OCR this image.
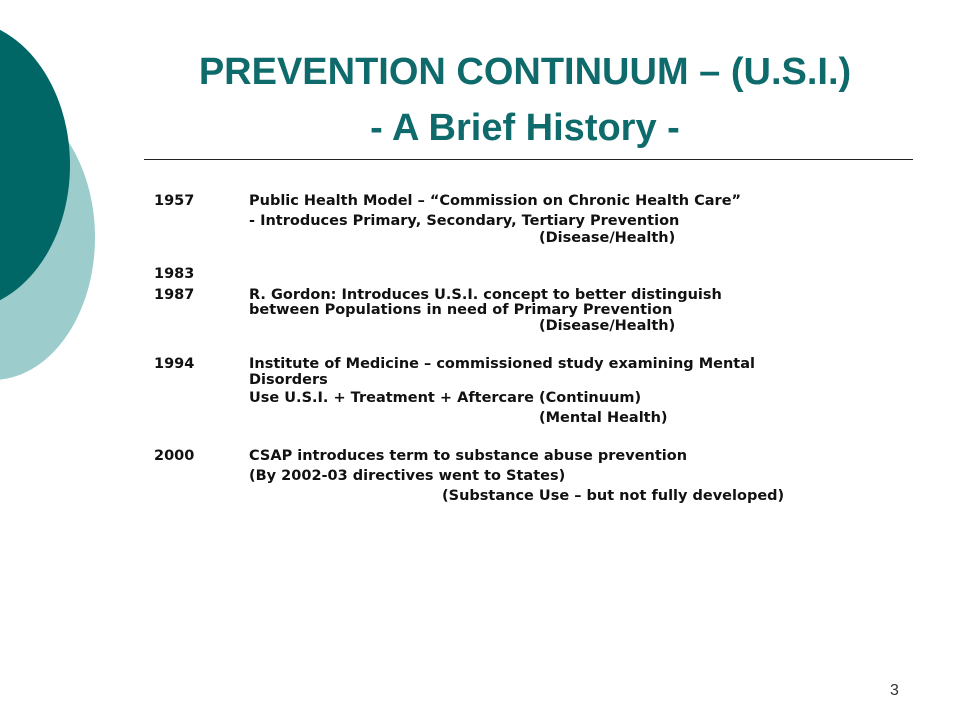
PREVENTION CONTINUUM – (U.S.I.)
- A Brief History -
1957	Public Health Model – “Commission on Chronic Health Care”
- Introduces Primary, Secondary, Tertiary Prevention
(Disease/Health)
1983
1987	R. Gordon: Introduces U.S.I. concept to better distinguish
between Populations in need of Primary Prevention
(Disease/Health)
1994	Institute of Medicine – commissioned study examining Mental
Disorders
Use U.S.I. + Treatment + Aftercare (Continuum)
(Mental Health)
2000	CSAP introduces term to substance abuse prevention
(By 2002-03 directives went to States)
(Substance Use – but not fully developed)
3
